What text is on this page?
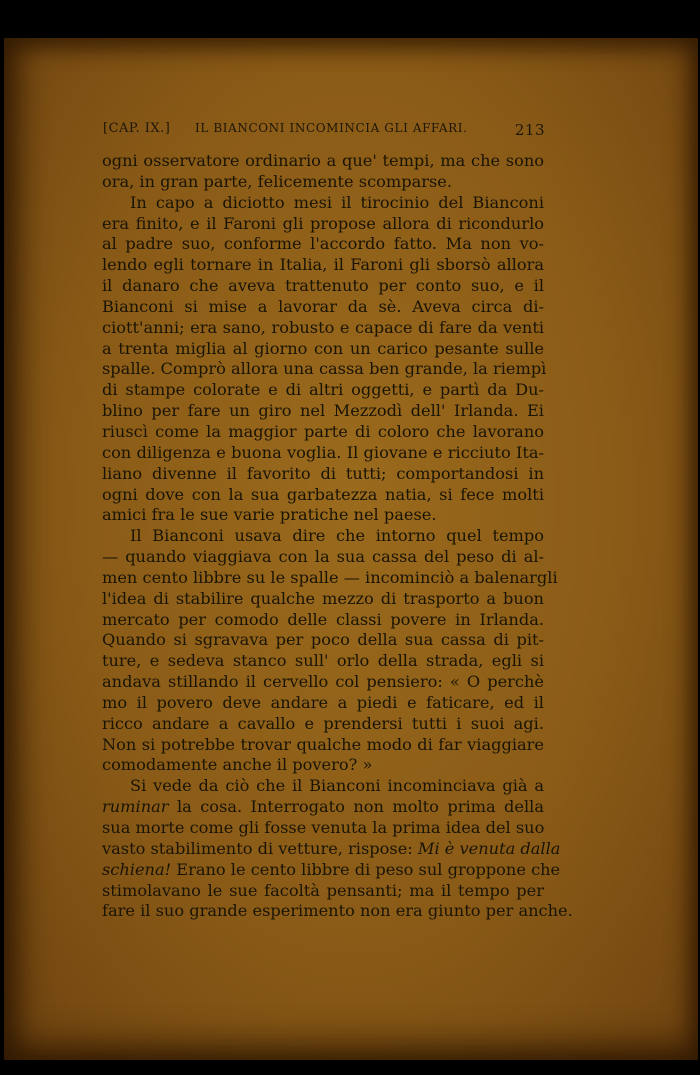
[CAP. IX.] IL BIANCONI INCOMINCIA GLI AFFARI.	213
ogni osservatore ordinario a que' tempi, ma che sono
ora, in gran parte, felicemente scomparse.
In capo a diciotto mesi il tirocinio del Bianconi
era finito, e il Faroni gli propose allora di ricondurlo
al padre suo, conforme l'accordo fatto. Ma non vo-
lendo egli tornare in Italia, il Faroni gli sborsò allora
il danaro che aveva trattenuto per conto suo, e il
Bianconi si mise a lavorar da sè. Aveva circa di-
ciott'anni; era sano, robusto e capace di fare da venti
a trenta miglia al giorno con un carico pesante sulle
spalle. Comprò allora una cassa ben grande, la riempì
di stampe colorate e di altri oggetti, e partì da Du-
blino per fare un giro nel Mezzodì dell' Irlanda. Ei
riuscì come la maggior parte di coloro che lavorano
con diligenza e buona voglia. Il giovane e ricciuto Ita-
liano divenne il favorito di tutti; comportandosi in
ogni dove con la sua garbatezza natia, si fece molti
amici fra le sue varie pratiche nel paese.
Il Bianconi usava dire che intorno quel tempo
— quando viaggiava con la sua cassa del peso di al-
men cento libbre su le spalle — incominciò a balenargli
l'idea di stabilire qualche mezzo di trasporto a buon
mercato per comodo delle classi povere in Irlanda.
Quando si sgravava per poco della sua cassa di pit-
ture, e sedeva stanco sull' orlo della strada, egli si
andava stillando il cervello col pensiero: « O perchè
mo il povero deve andare a piedi e faticare, ed il
ricco andare a cavallo e prendersi tutti i suoi agi.
Non si potrebbe trovar qualche modo di far viaggiare
comodamente anche il povero? »
Si vede da ciò che il Bianconi incominciava già a
ruminar la cosa. Interrogato non molto prima della
sua morte come gli fosse venuta la prima idea del suo
vasto stabilimento di vetture, rispose: Mi è venuta dalla
schiena! Erano le cento libbre di peso sul groppone che
stimolavano le sue facoltà pensanti; ma il tempo per
fare il suo grande esperimento non era giunto per anche.
